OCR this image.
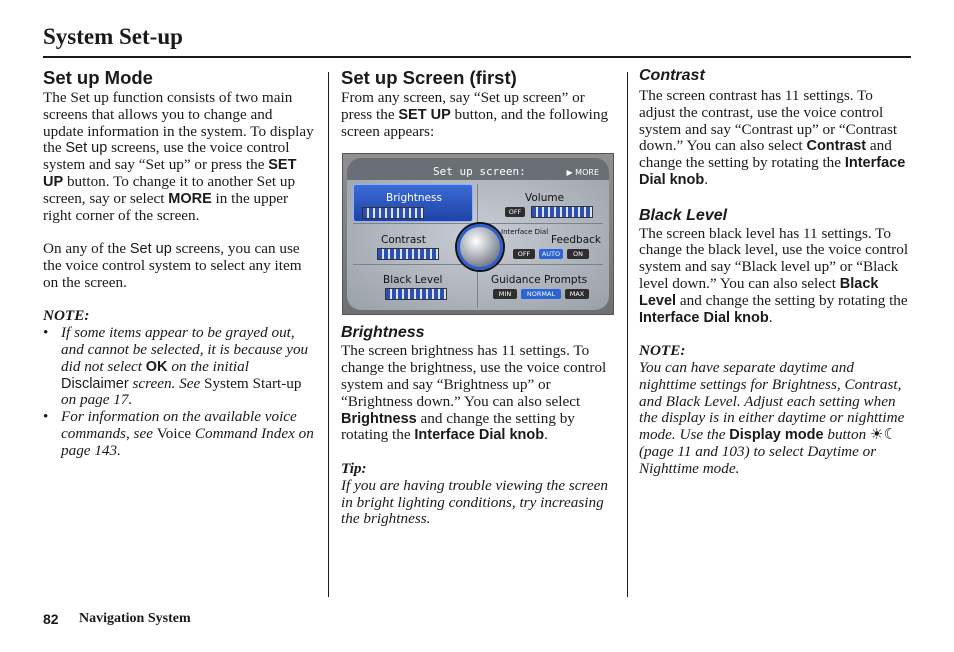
System Set-up
Set up Mode

The Set up function consists of two main screens that allows you to change and update information in the system. To display the Set up screens, use the voice control system and say “Set up” or press the SET UP button. To change it to another Set up screen, say or select MORE in the upper right corner of the screen.

On any of the Set up screens, you can use the voice control system to select any item on the screen.

NOTE:

• If some items appear to be grayed out, and cannot be selected, it is because you did not select OK on the initial Disclaimer screen. See System Start-up on page 17.
• For information on the available voice commands, see Voice Command Index on page 143.
Set up Screen (first)

From any screen, say “Set up screen” or press the SET UP button, and the following screen appears:

Set up screen:	▶ MORE
Brightness	Volume
OFF
Contrast
Interface Dial
Feedback
OFF	AUTO	ON
Black Level	Guidance Prompts
MIN	NORMAL	MAX
Brightness

The screen brightness has 11 settings. To change the brightness, use the voice control system and say “Brightness up” or “Brightness down.” You can also select Brightness and change the setting by rotating the Interface Dial knob.

Tip:

If you are having trouble viewing the screen in bright lighting conditions, try increasing the brightness.

Contrast

The screen contrast has 11 settings. To adjust the contrast, use the voice control system and say “Contrast up” or “Contrast down.” You can also select Contrast and change the setting by rotating the Interface Dial knob.

Black Level

The screen black level has 11 settings. To change the black level, use the voice control system and say “Black level up” or “Black level down.” You can also select Black Level and change the setting by rotating the Interface Dial knob.

NOTE:

You can have separate daytime and nighttime settings for Brightness, Contrast, and Black Level. Adjust each setting when the display is in either daytime or nighttime mode. Use the Display mode button ☀☾ (page 11 and 103) to select Daytime or Nighttime mode.

82 Navigation System
